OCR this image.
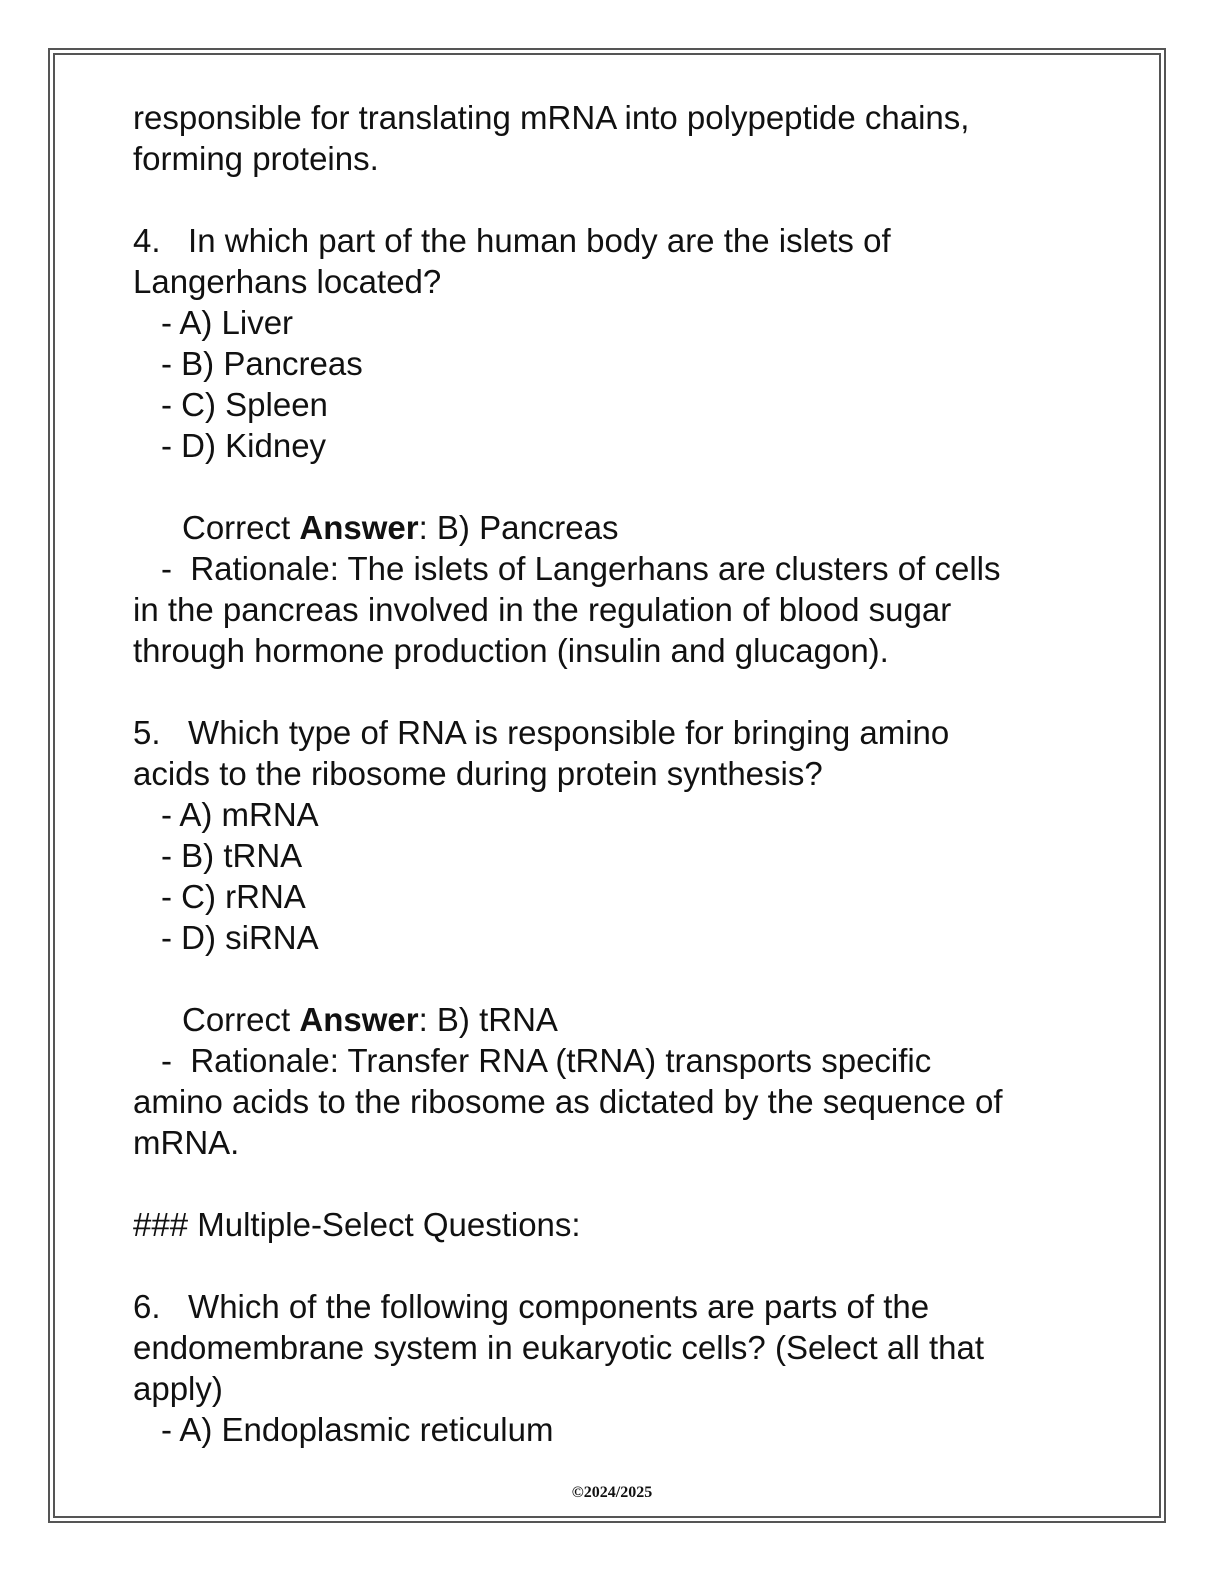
responsible for translating mRNA into polypeptide chains,
forming proteins.
4. In which part of the human body are the islets of
Langerhans located?
- A) Liver
- B) Pancreas
- C) Spleen
- D) Kidney
Correct Answer: B) Pancreas
-  Rationale: The islets of Langerhans are clusters of cells
in the pancreas involved in the regulation of blood sugar
through hormone production (insulin and glucagon).
5. Which type of RNA is responsible for bringing amino
acids to the ribosome during protein synthesis?
- A) mRNA
- B) tRNA
- C) rRNA
- D) siRNA
Correct Answer: B) tRNA
-  Rationale: Transfer RNA (tRNA) transports specific
amino acids to the ribosome as dictated by the sequence of
mRNA.
### Multiple-Select Questions:
6. Which of the following components are parts of the
endomembrane system in eukaryotic cells? (Select all that
apply)
- A) Endoplasmic reticulum
©2024/2025
